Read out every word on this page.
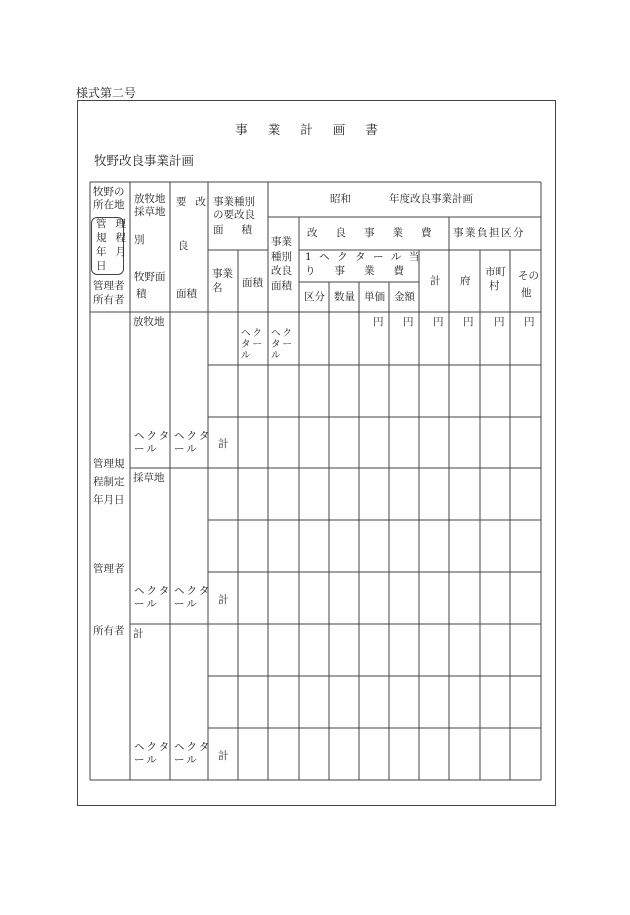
様式第二号
事業計画書
牧野改良事業計画
牧野の
所在地
管理
規程
年月
日
管理者
所有者
放牧地
採草地
別
牧野面
積
要改
良
面積
事業種別
の要改良
面積
事業
名 面積
昭和	年度改良事業計画
事業
種別
改良
面積
改良事業費 事業負担区分
1ヘクタール当
り事業費
区分 数量 単価 金額
計 府
市町
村
その
他
円 円 円 円 円 円
ヘク
ター
ル
ヘク
ター
ル
放牧地
ヘクタ
ール
ヘクタ
ール 計
管理規
程制定
年月日
管理者
所有者
採草地
ヘクタ
ール
ヘクタ
ール 計
計
ヘクタ
ール
ヘクタ
ール 計
